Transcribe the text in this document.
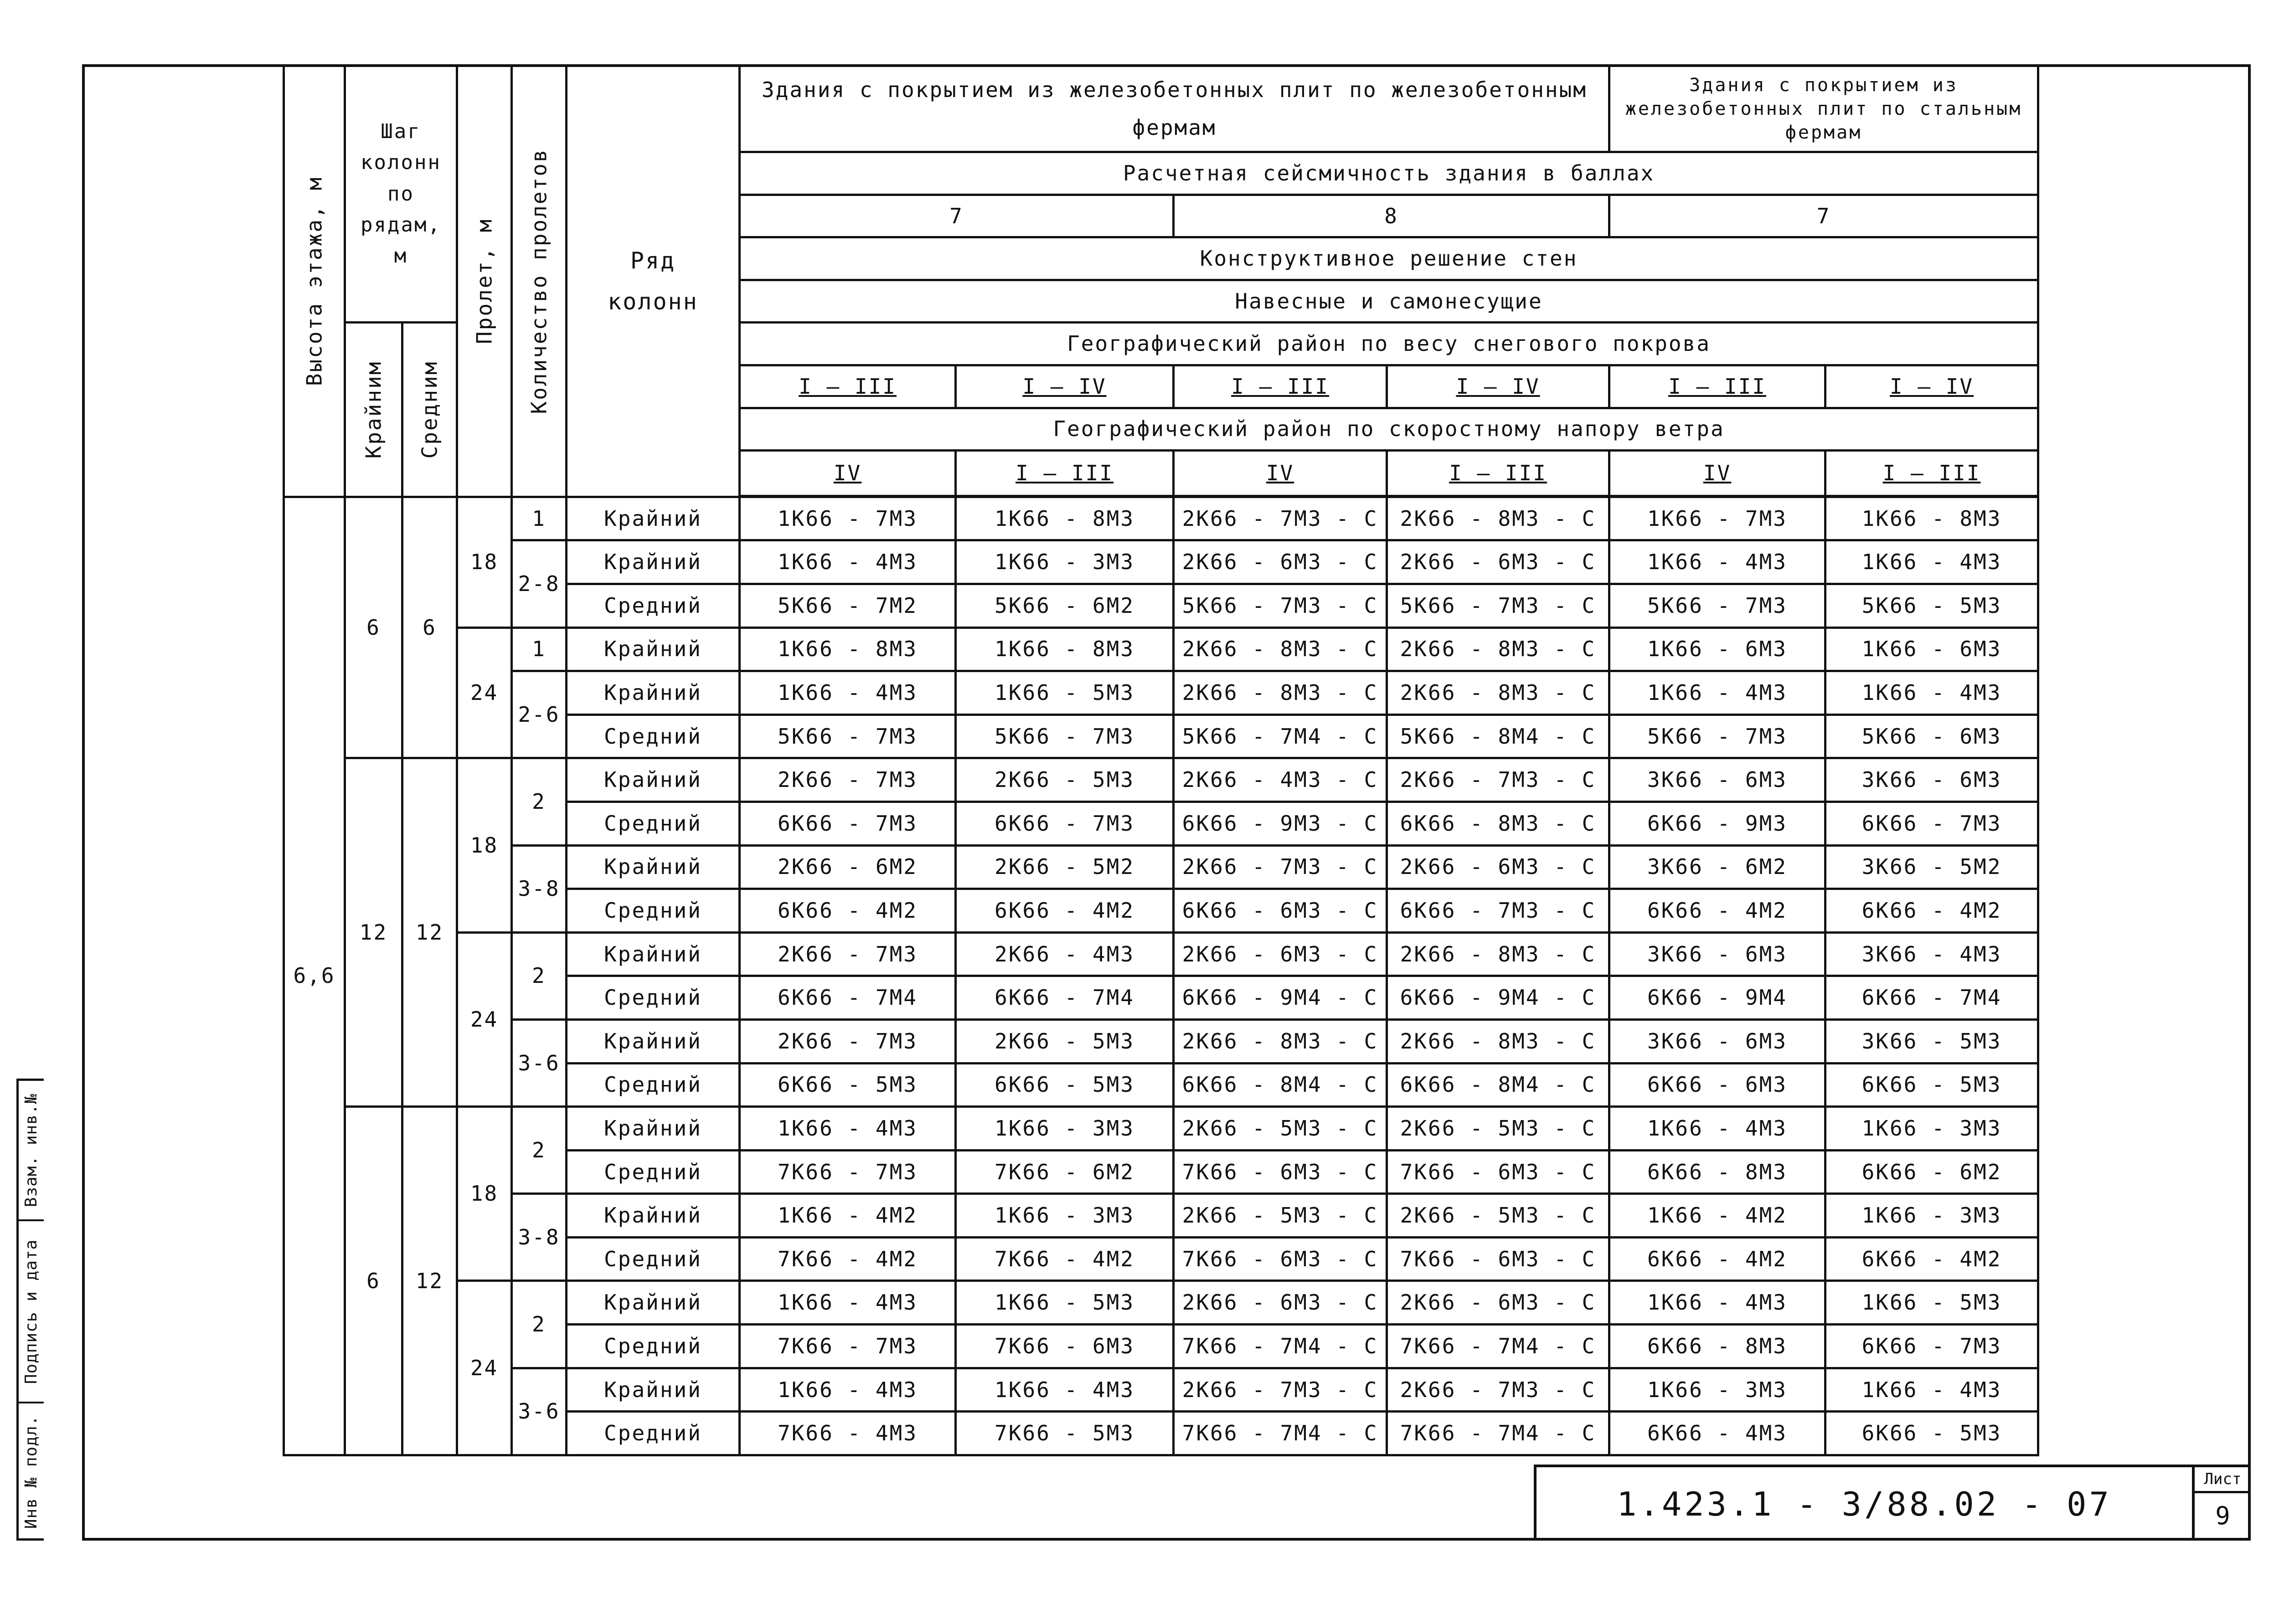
Взам. инв.№
Подпись и дата
Инв № подл.
Высота этажа, м	Шаг колонн по рядам, м		Пролет, м	Количество пролетов	Ряд колонн	Здания с покрытием из железобетонных плит по железобетонным фермам				Здания с покрытием из железобетонных плит по стальным фермам	
						Расчетная сейсмичность здания в баллах					
						7		8		7	
						Конструктивное решение стен					
						Навесные и самонесущие					

	Крайним	Средним				Географический район по весу снегового покрова					
						I – III	I – IV	I – III	I – IV	I – III	I – IV
						Географический район по скоростному напору ветра					
						IV	I – III	IV	I – III	IV	I – III

6,6	6	6	18	1	Крайний	1К66 - 7М3	1К66 - 8М3	2К66 - 7М3 - С	2К66 - 8М3 - С	1К66 - 7М3	1К66 - 8М3
				2-8	Крайний	1К66 - 4М3	1К66 - 3М3	2К66 - 6М3 - С	2К66 - 6М3 - С	1К66 - 4М3	1К66 - 4М3
					Средний	5К66 - 7М2	5К66 - 6М2	5К66 - 7М3 - С	5К66 - 7М3 - С	5К66 - 7М3	5К66 - 5М3
			24	1	Крайний	1К66 - 8М3	1К66 - 8М3	2К66 - 8М3 - С	2К66 - 8М3 - С	1К66 - 6М3	1К66 - 6М3
				2-6	Крайний	1К66 - 4М3	1К66 - 5М3	2К66 - 8М3 - С	2К66 - 8М3 - С	1К66 - 4М3	1К66 - 4М3
					Средний	5К66 - 7М3	5К66 - 7М3	5К66 - 7М4 - С	5К66 - 8М4 - С	5К66 - 7М3	5К66 - 6М3
	12	12	18	2	Крайний	2К66 - 7М3	2К66 - 5М3	2К66 - 4М3 - С	2К66 - 7М3 - С	3К66 - 6М3	3К66 - 6М3
					Средний	6К66 - 7М3	6К66 - 7М3	6К66 - 9М3 - С	6К66 - 8М3 - С	6К66 - 9М3	6К66 - 7М3
				3-8	Крайний	2К66 - 6М2	2К66 - 5М2	2К66 - 7М3 - С	2К66 - 6М3 - С	3К66 - 6М2	3К66 - 5М2
					Средний	6К66 - 4М2	6К66 - 4М2	6К66 - 6М3 - С	6К66 - 7М3 - С	6К66 - 4М2	6К66 - 4М2
			24	2	Крайний	2К66 - 7М3	2К66 - 4М3	2К66 - 6М3 - С	2К66 - 8М3 - С	3К66 - 6М3	3К66 - 4М3
					Средний	6К66 - 7М4	6К66 - 7М4	6К66 - 9М4 - С	6К66 - 9М4 - С	6К66 - 9М4	6К66 - 7М4
				3-6	Крайний	2К66 - 7М3	2К66 - 5М3	2К66 - 8М3 - С	2К66 - 8М3 - С	3К66 - 6М3	3К66 - 5М3
					Средний	6К66 - 5М3	6К66 - 5М3	6К66 - 8М4 - С	6К66 - 8М4 - С	6К66 - 6М3	6К66 - 5М3
	6	12	18	2	Крайний	1К66 - 4М3	1К66 - 3М3	2К66 - 5М3 - С	2К66 - 5М3 - С	1К66 - 4М3	1К66 - 3М3
					Средний	7К66 - 7М3	7К66 - 6М2	7К66 - 6М3 - С	7К66 - 6М3 - С	6К66 - 8М3	6К66 - 6М2
				3-8	Крайний	1К66 - 4М2	1К66 - 3М3	2К66 - 5М3 - С	2К66 - 5М3 - С	1К66 - 4М2	1К66 - 3М3
					Средний	7К66 - 4М2	7К66 - 4М2	7К66 - 6М3 - С	7К66 - 6М3 - С	6К66 - 4М2	6К66 - 4М2
			24	2	Крайний	1К66 - 4М3	1К66 - 5М3	2К66 - 6М3 - С	2К66 - 6М3 - С	1К66 - 4М3	1К66 - 5М3
					Средний	7К66 - 7М3	7К66 - 6М3	7К66 - 7М4 - С	7К66 - 7М4 - С	6К66 - 8М3	6К66 - 7М3
				3-6	Крайний	1К66 - 4М3	1К66 - 4М3	2К66 - 7М3 - С	2К66 - 7М3 - С	1К66 - 3М3	1К66 - 4М3
					Средний	7К66 - 4М3	7К66 - 5М3	7К66 - 7М4 - С	7К66 - 7М4 - С	6К66 - 4М3	6К66 - 5М3
1.423.1 - 3/88.02 - 07
Лист
9
